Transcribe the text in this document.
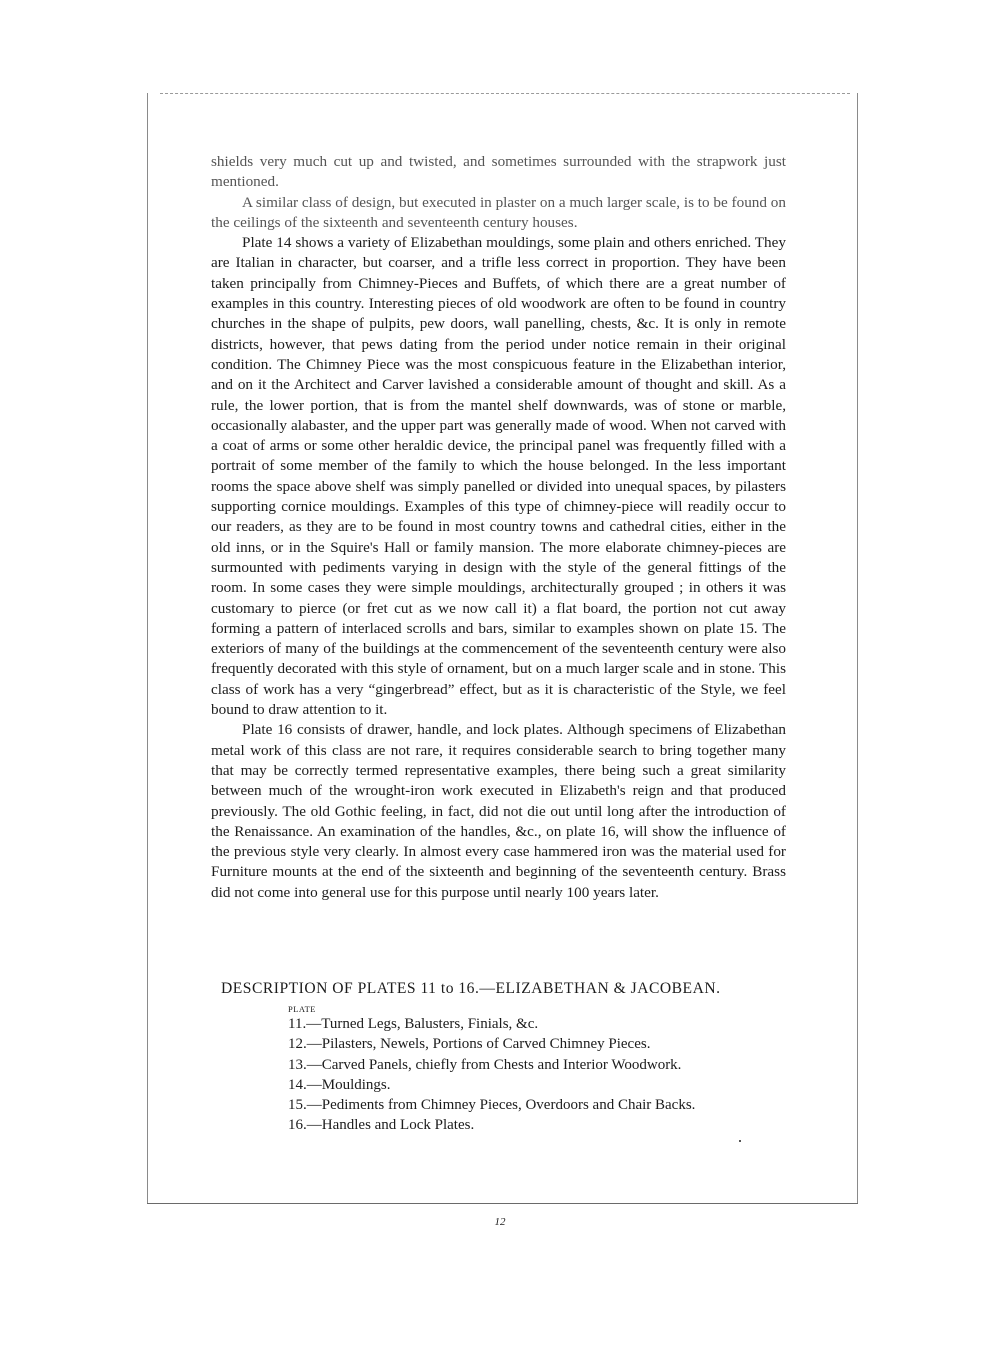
shields very much cut up and twisted, and sometimes surrounded with the strapwork just mentioned.

A similar class of design, but executed in plaster on a much larger scale, is to be found on the ceilings of the sixteenth and seventeenth century houses.

Plate 14 shows a variety of Elizabethan mouldings, some plain and others enriched. They are Italian in character, but coarser, and a trifle less correct in proportion. They have been taken principally from Chimney-Pieces and Buffets, of which there are a great number of examples in this country. Interesting pieces of old woodwork are often to be found in country churches in the shape of pulpits, pew doors, wall panelling, chests, &c. It is only in remote districts, however, that pews dating from the period under notice remain in their original condition. The Chimney Piece was the most conspicuous feature in the Elizabethan interior, and on it the Architect and Carver lavished a considerable amount of thought and skill. As a rule, the lower portion, that is from the mantel shelf downwards, was of stone or marble, occasionally alabaster, and the upper part was generally made of wood. When not carved with a coat of arms or some other heraldic device, the principal panel was frequently filled with a portrait of some member of the family to which the house belonged. In the less important rooms the space above shelf was simply panelled or divided into unequal spaces, by pilasters supporting cornice mouldings. Examples of this type of chimney-piece will readily occur to our readers, as they are to be found in most country towns and cathedral cities, either in the old inns, or in the Squire's Hall or family mansion. The more elaborate chimney-pieces are surmounted with pediments varying in design with the style of the general fittings of the room. In some cases they were simple mouldings, architecturally grouped ; in others it was customary to pierce (or fret cut as we now call it) a flat board, the portion not cut away forming a pattern of interlaced scrolls and bars, similar to examples shown on plate 15. The exteriors of many of the buildings at the commencement of the seventeenth century were also frequently decorated with this style of ornament, but on a much larger scale and in stone. This class of work has a very “gingerbread” effect, but as it is characteristic of the Style, we feel bound to draw attention to it.

Plate 16 consists of drawer, handle, and lock plates. Although specimens of Elizabethan metal work of this class are not rare, it requires considerable search to bring together many that may be correctly termed representative examples, there being such a great similarity between much of the wrought-iron work executed in Elizabeth's reign and that produced previously. The old Gothic feeling, in fact, did not die out until long after the introduction of the Renaissance. An examination of the handles, &c., on plate 16, will show the influence of the previous style very clearly. In almost every case hammered iron was the material used for Furniture mounts at the end of the sixteenth and beginning of the seventeenth century. Brass did not come into general use for this purpose until nearly 100 years later.

DESCRIPTION OF PLATES 11 to 16.—ELIZABETHAN & JACOBEAN.
PLATE
11.—Turned Legs, Balusters, Finials, &c.
12.—Pilasters, Newels, Portions of Carved Chimney Pieces.
13.—Carved Panels, chiefly from Chests and Interior Woodwork.
14.—Mouldings.
15.—Pediments from Chimney Pieces, Overdoors and Chair Backs.
16.—Handles and Lock Plates.
12
